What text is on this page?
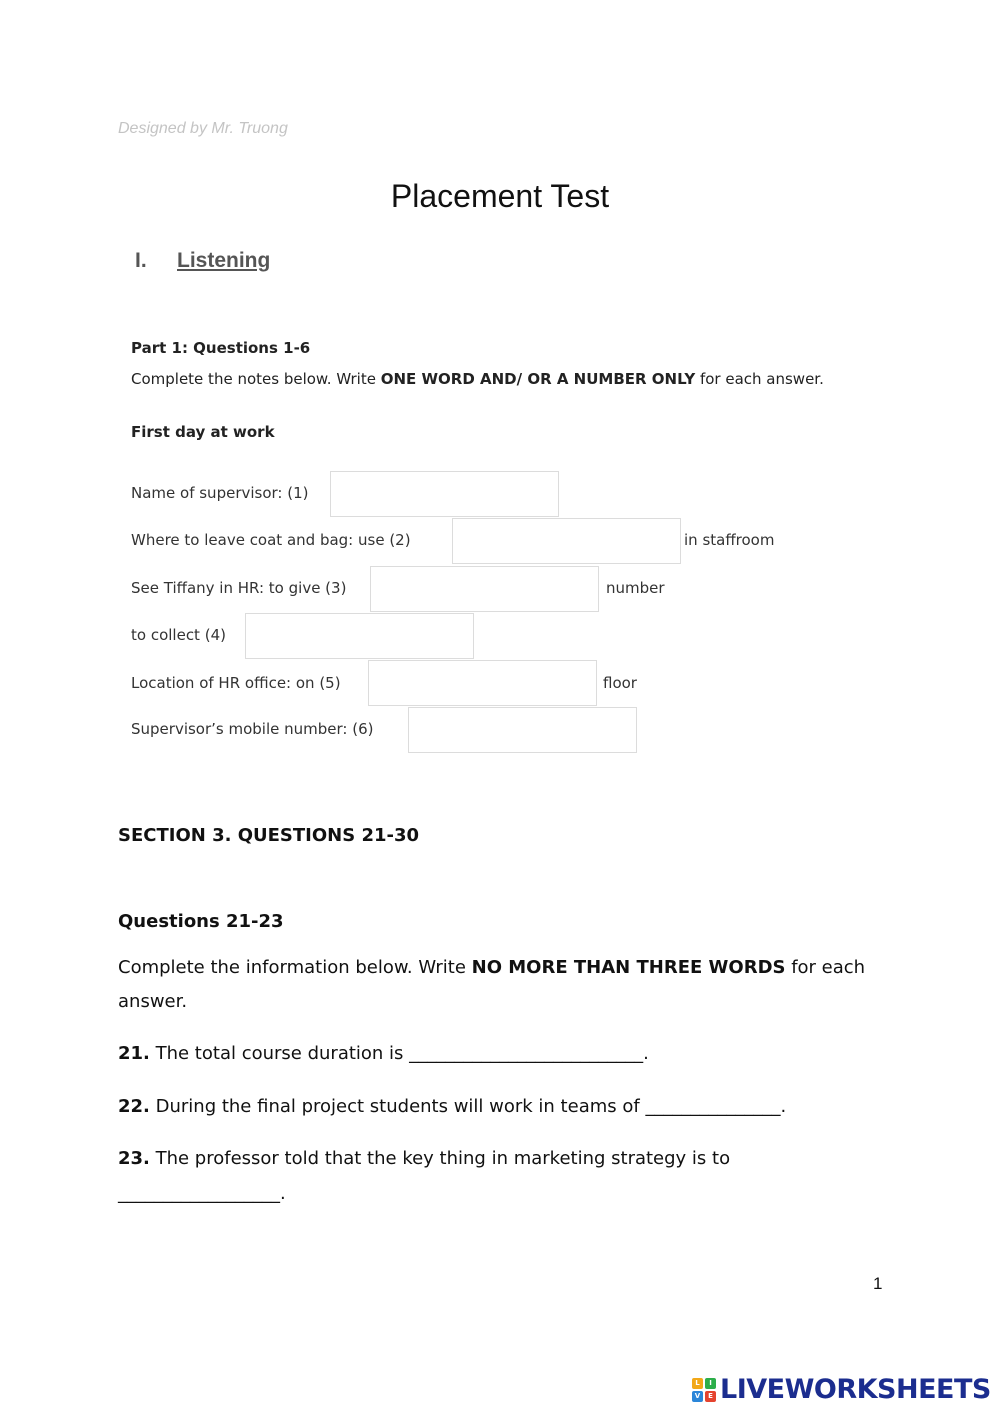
Designed by Mr. Truong
Placement Test
I. Listening
Part 1: Questions 1-6
Complete the notes below. Write ONE WORD AND/ OR A NUMBER ONLY for each answer.
First day at work
Name of supervisor: (1)
Where to leave coat and bag: use (2)	in staffroom
See Tiffany in HR: to give (3)	number
to collect (4)
Location of HR office: on (5)	floor
Supervisor’s mobile number: (6)
SECTION 3. QUESTIONS 21-30
Questions 21-23
Complete the information below. Write NO MORE THAN THREE WORDS for each answer.
21. The total course duration is __________________________.
22. During the final project students will work in teams of _______________.
23. The professor told that the key thing in marketing strategy is to
__________________.
1
L	I
V	E LIVEWORKSHEETS
